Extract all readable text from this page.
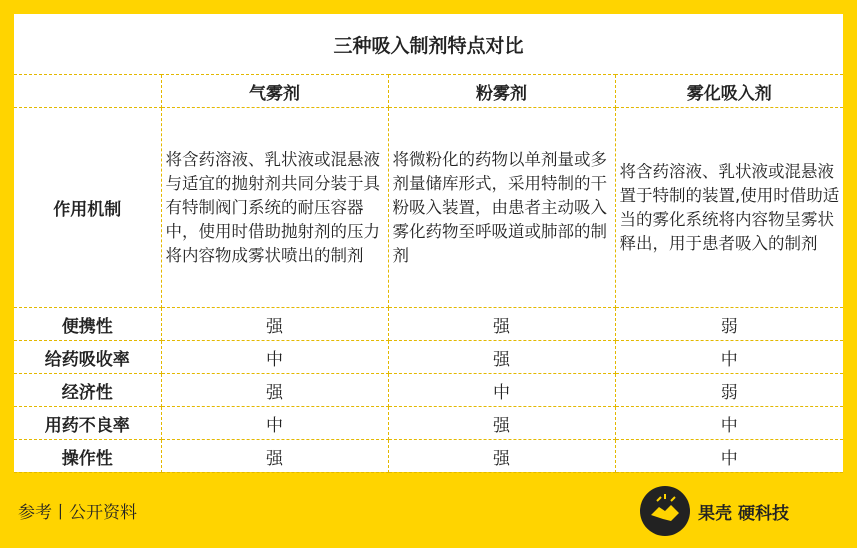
三种吸入制剂特点对比			
	气雾剂	粉雾剂	雾化吸入剂
作用机制	将含药溶液、乳状液或混悬液与适宜的抛射剂共同分装于具有特制阀门系统的耐压容器中，使用时借助抛射剂的压力将内容物成雾状喷出的制剂	将微粉化的药物以单剂量或多剂量储库形式，采用特制的干粉吸入装置，由患者主动吸入雾化药物至呼吸道或肺部的制剂	将含药溶液、乳状液或混悬液置于特制的装置,使用时借助适当的雾化系统将内容物呈雾状释出，用于患者吸入的制剂
便携性	强	强	弱
给药吸收率	中	强	中
经济性	强	中	弱
用药不良率	中	强	中
操作性	强	强	中
参考丨公开资料	果壳 硬科技
